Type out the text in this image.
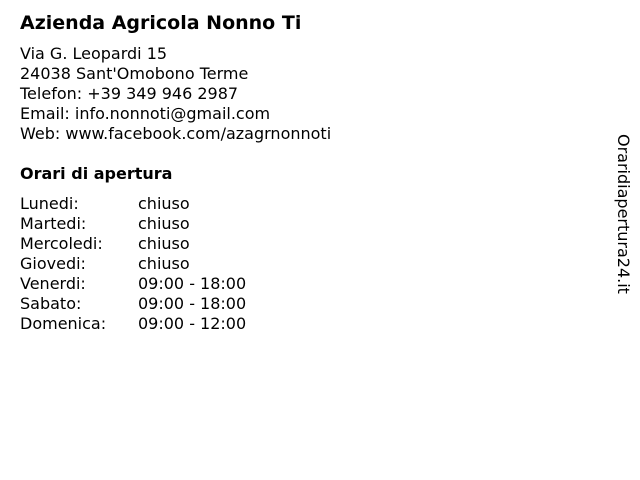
Azienda Agricola Nonno Ti
Via G. Leopardi 15
24038 Sant'Omobono Terme
Telefon: +39 349 946 2987
Email: info.nonnoti@gmail.com
Web: www.facebook.com/azagrnonnoti
Orari di apertura
Lunedi:	chiuso
Martedi:	chiuso
Mercoledi:	chiuso
Giovedi:	chiuso
Venerdi:	09:00 - 18:00
Sabato:	09:00 - 18:00
Domenica:	09:00 - 12:00
Oraridiapertura24.it
